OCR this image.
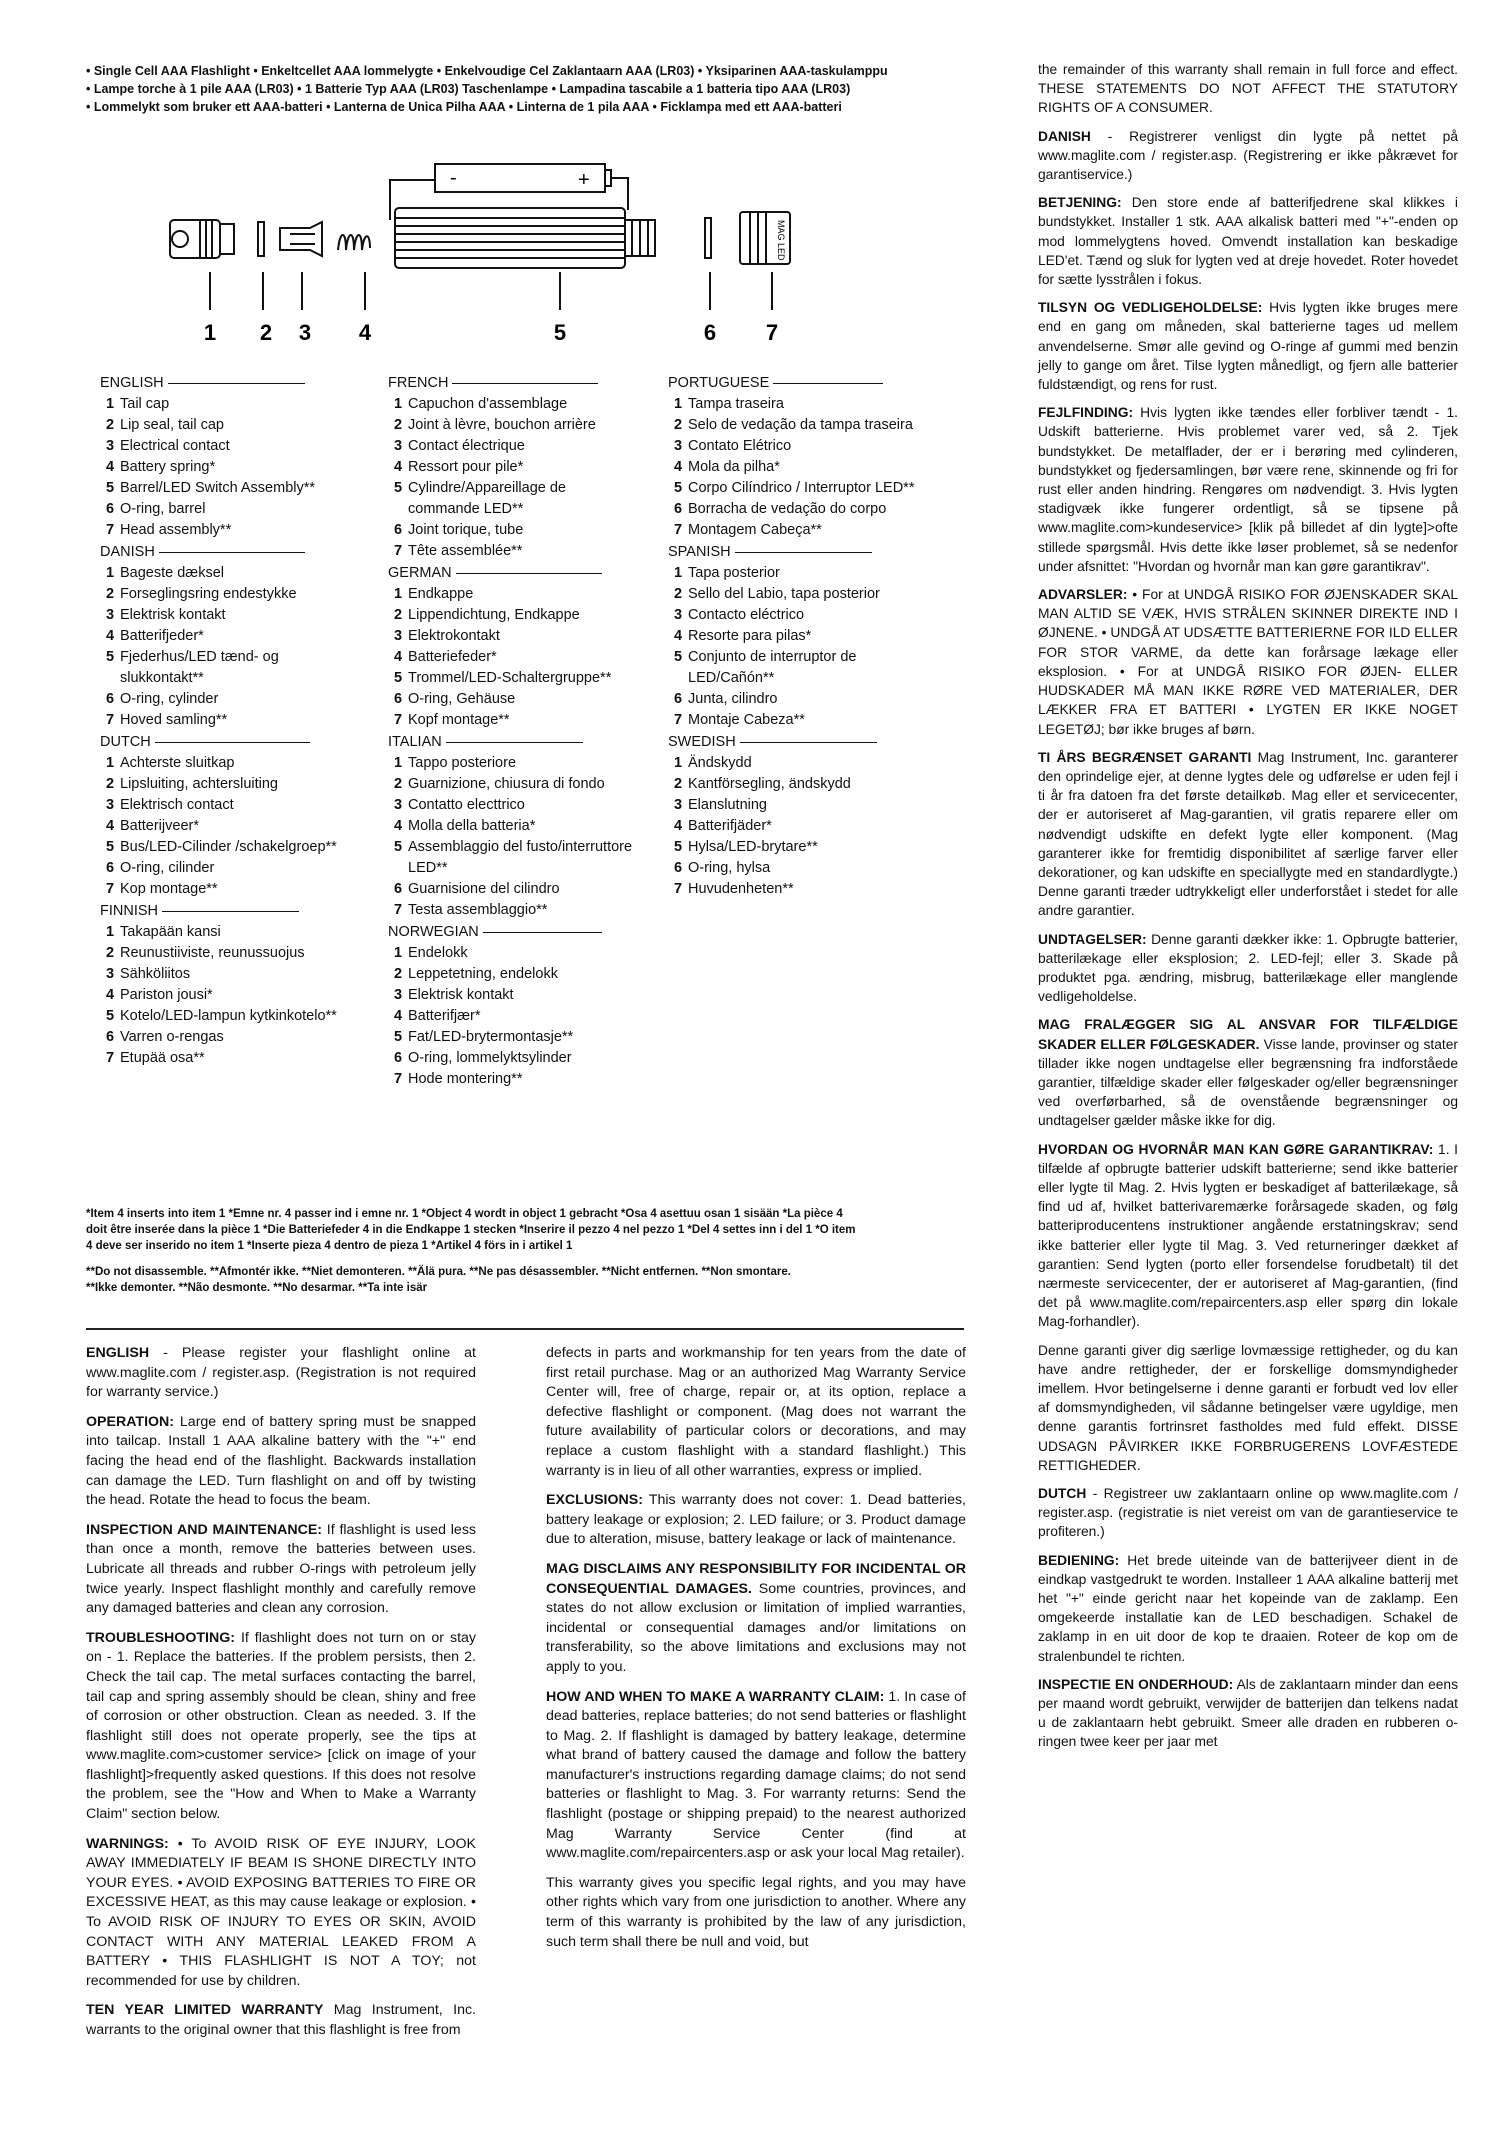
• Single Cell AAA Flashlight • Enkeltcellet AAA lommelygte • Enkelvoudige Cel Zaklantaarn AAA (LR03) • Yksiparinen AAA-taskulamppu
• Lampe torche à 1 pile AAA (LR03) • 1 Batterie Typ AAA (LR03) Taschenlampe • Lampadina tascabile a 1 batteria tipo AAA (LR03)
• Lommelykt som bruker ett AAA-batteri • Lanterna de Unica Pilha AAA • Linterna de 1 pila AAA • Ficklampa med ett AAA-batteri
-	+
MAG LED
1 2 3 4	5	6 7
ENGLISH
1 Tail cap
2 Lip seal, tail cap
3 Electrical contact
4 Battery spring*
5 Barrel/LED Switch Assembly**
6 O-ring, barrel
7 Head assembly**
DANISH
1 Bageste dæksel
2 Forseglingsring endestykke
3 Elektrisk kontakt
4 Batterifjeder*
5 Fjederhus/LED tænd- og slukkontakt**
6 O-ring, cylinder
7 Hoved samling**
DUTCH
1 Achterste sluitkap
2 Lipsluiting, achtersluiting
3 Elektrisch contact
4 Batterijveer*
5 Bus/LED-Cilinder /schakelgroep**
6 O-ring, cilinder
7 Kop montage**
FINNISH
1 Takapään kansi
2 Reunustiiviste, reunussuojus
3 Sähköliitos
4 Pariston jousi*
5 Kotelo/LED-lampun kytkinkotelo**
6 Varren o-rengas
7 Etupää osa**
FRENCH
1 Capuchon d'assemblage
2 Joint à lèvre, bouchon arrière
3 Contact électrique
4 Ressort pour pile*
5 Cylindre/Appareillage de commande LED**
6 Joint torique, tube
7 Tête assemblée**
GERMAN
1 Endkappe
2 Lippendichtung, Endkappe
3 Elektrokontakt
4 Batteriefeder*
5 Trommel/LED-Schaltergruppe**
6 O-ring, Gehäuse
7 Kopf montage**
ITALIAN
1 Tappo posteriore
2 Guarnizione, chiusura di fondo
3 Contatto electtrico
4 Molla della batteria*
5 Assemblaggio del fusto/interruttore LED**
6 Guarnisione del cilindro
7 Testa assemblaggio**
NORWEGIAN
1 Endelokk
2 Leppetetning, endelokk
3 Elektrisk kontakt
4 Batterifjær*
5 Fat/LED-brytermontasje**
6 O-ring, lommelyktsylinder
7 Hode montering**
PORTUGUESE
1 Tampa traseira
2 Selo de vedação da tampa traseira
3 Contato Elétrico
4 Mola da pilha*
5 Corpo Cilíndrico / Interruptor LED**
6 Borracha de vedação do corpo
7 Montagem Cabeça**
SPANISH
1 Tapa posterior
2 Sello del Labio, tapa posterior
3 Contacto eléctrico
4 Resorte para pilas*
5 Conjunto de interruptor de LED/Cañón**
6 Junta, cilindro
7 Montaje Cabeza**
SWEDISH
1 Ändskydd
2 Kantförsegling, ändskydd
3 Elanslutning
4 Batterifjäder*
5 Hylsa/LED-brytare**
6 O-ring, hylsa
7 Huvudenheten**
*Item 4 inserts into item 1 *Emne nr. 4 passer ind i emne nr. 1 *Object 4 wordt in object 1 gebracht *Osa 4 asettuu osan 1 sisään *La pièce 4
doit être inserée dans la pièce 1 *Die Batteriefeder 4 in die Endkappe 1 stecken *Inserire il pezzo 4 nel pezzo 1 *Del 4 settes inn i del 1 *O item
4 deve ser inserido no item 1 *Inserte pieza 4 dentro de pieza 1 *Artikel 4 förs in i artikel 1
**Do not disassemble. **Afmontér ikke. **Niet demonteren. **Älä pura. **Ne pas désassembler. **Nicht entfernen. **Non smontare.
**Ikke demonter. **Não desmonte. **No desarmar. **Ta inte isär

ENGLISH - Please register your flashlight online at www.maglite.com / register.asp. (Registration is not required for warranty service.)

OPERATION: Large end of battery spring must be snapped into tailcap. Install 1 AAA alkaline battery with the "+" end facing the head end of the flashlight. Backwards installation can damage the LED. Turn flashlight on and off by twisting the head. Rotate the head to focus the beam.

INSPECTION AND MAINTENANCE: If flashlight is used less than once a month, remove the batteries between uses. Lubricate all threads and rubber O-rings with petroleum jelly twice yearly. Inspect flashlight monthly and carefully remove any damaged batteries and clean any corrosion.

TROUBLESHOOTING: If flashlight does not turn on or stay on - 1. Replace the batteries. If the problem persists, then 2. Check the tail cap. The metal surfaces contacting the barrel, tail cap and spring assembly should be clean, shiny and free of corrosion or other obstruction. Clean as needed. 3. If the flashlight still does not operate properly, see the tips at www.maglite.com>customer service> [click on image of your flashlight]>frequently asked questions. If this does not resolve the problem, see the "How and When to Make a Warranty Claim" section below.

WARNINGS: • To AVOID RISK OF EYE INJURY, LOOK AWAY IMMEDIATELY IF BEAM IS SHONE DIRECTLY INTO YOUR EYES. • AVOID EXPOSING BATTERIES TO FIRE OR EXCESSIVE HEAT, as this may cause leakage or explosion. • To AVOID RISK OF INJURY TO EYES OR SKIN, AVOID CONTACT WITH ANY MATERIAL LEAKED FROM A BATTERY • THIS FLASHLIGHT IS NOT A TOY; not recommended for use by children.

TEN YEAR LIMITED WARRANTY Mag Instrument, Inc. warrants to the original owner that this flashlight is free from

defects in parts and workmanship for ten years from the date of first retail purchase. Mag or an authorized Mag Warranty Service Center will, free of charge, repair or, at its option, replace a defective flashlight or component. (Mag does not warrant the future availability of particular colors or decorations, and may replace a custom flashlight with a standard flashlight.) This warranty is in lieu of all other warranties, express or implied.

EXCLUSIONS: This warranty does not cover: 1. Dead batteries, battery leakage or explosion; 2. LED failure; or 3. Product damage due to alteration, misuse, battery leakage or lack of maintenance.

MAG DISCLAIMS ANY RESPONSIBILITY FOR INCIDENTAL OR CONSEQUENTIAL DAMAGES. Some countries, provinces, and states do not allow exclusion or limitation of implied warranties, incidental or consequential damages and/or limitations on transferability, so the above limitations and exclusions may not apply to you.

HOW AND WHEN TO MAKE A WARRANTY CLAIM: 1. In case of dead batteries, replace batteries; do not send batteries or flashlight to Mag. 2. If flashlight is damaged by battery leakage, determine what brand of battery caused the damage and follow the battery manufacturer's instructions regarding damage claims; do not send batteries or flashlight to Mag. 3. For warranty returns: Send the flashlight (postage or shipping prepaid) to the nearest authorized Mag Warranty Service Center (find at www.maglite.com/repaircenters.asp or ask your local Mag retailer).

This warranty gives you specific legal rights, and you may have other rights which vary from one jurisdiction to another. Where any term of this warranty is prohibited by the law of any jurisdiction, such term shall there be null and void, but

the remainder of this warranty shall remain in full force and effect. THESE STATEMENTS DO NOT AFFECT THE STATUTORY RIGHTS OF A CONSUMER.

DANISH - Registrerer venligst din lygte på nettet på www.maglite.com / register.asp. (Registrering er ikke påkrævet for garantiservice.)

BETJENING: Den store ende af batterifjedrene skal klikkes i bundstykket. Installer 1 stk. AAA alkalisk batteri med "+"-enden op mod lommelygtens hoved. Omvendt installation kan beskadige LED'et. Tænd og sluk for lygten ved at dreje hovedet. Roter hovedet for sætte lysstrålen i fokus.

TILSYN OG VEDLIGEHOLDELSE: Hvis lygten ikke bruges mere end en gang om måneden, skal batterierne tages ud mellem anvendelserne. Smør alle gevind og O-ringe af gummi med benzin jelly to gange om året. Tilse lygten månedligt, og fjern alle batterier fuldstændigt, og rens for rust.

FEJLFINDING: Hvis lygten ikke tændes eller forbliver tændt - 1. Udskift batterierne. Hvis problemet varer ved, så 2. Tjek bundstykket. De metalflader, der er i berøring med cylinderen, bundstykket og fjedersamlingen, bør være rene, skinnende og fri for rust eller anden hindring. Rengøres om nødvendigt. 3. Hvis lygten stadigvæk ikke fungerer ordentligt, så se tipsene på www.maglite.com>kundeservice> [klik på billedet af din lygte]>ofte stillede spørgsmål. Hvis dette ikke løser problemet, så se nedenfor under afsnittet: "Hvordan og hvornår man kan gøre garantikrav".

ADVARSLER: • For at UNDGÅ RISIKO FOR ØJENSKADER SKAL MAN ALTID SE VÆK, HVIS STRÅLEN SKINNER DIREKTE IND I ØJNENE. • UNDGÅ AT UDSÆTTE BATTERIERNE FOR ILD ELLER FOR STOR VARME, da dette kan forårsage lækage eller eksplosion. • For at UNDGÅ RISIKO FOR ØJEN- ELLER HUDSKADER MÅ MAN IKKE RØRE VED MATERIALER, DER LÆKKER FRA ET BATTERI • LYGTEN ER IKKE NOGET LEGETØJ; bør ikke bruges af børn.

TI ÅRS BEGRÆNSET GARANTI Mag Instrument, Inc. garanterer den oprindelige ejer, at denne lygtes dele og udførelse er uden fejl i ti år fra datoen fra det første detailkøb. Mag eller et servicecenter, der er autoriseret af Mag-garantien, vil gratis reparere eller om nødvendigt udskifte en defekt lygte eller komponent. (Mag garanterer ikke for fremtidig disponibilitet af særlige farver eller dekorationer, og kan udskifte en speciallygte med en standardlygte.) Denne garanti træder udtrykkeligt eller underforstået i stedet for alle andre garantier.

UNDTAGELSER: Denne garanti dækker ikke: 1. Opbrugte batterier, batterilækage eller eksplosion; 2. LED-fejl; eller 3. Skade på produktet pga. ændring, misbrug, batterilækage eller manglende vedligeholdelse.

MAG FRALÆGGER SIG AL ANSVAR FOR TILFÆLDIGE SKADER ELLER FØLGESKADER. Visse lande, provinser og stater tillader ikke nogen undtagelse eller begrænsning fra indforståede garantier, tilfældige skader eller følgeskader og/eller begrænsninger ved overførbarhed, så de ovenstående begrænsninger og undtagelser gælder måske ikke for dig.

HVORDAN OG HVORNÅR MAN KAN GØRE GARANTIKRAV: 1. I tilfælde af opbrugte batterier udskift batterierne; send ikke batterier eller lygte til Mag. 2. Hvis lygten er beskadiget af batterilækage, så find ud af, hvilket batterivaremærke forårsagede skaden, og følg batteriproducentens instruktioner angående erstatningskrav; send ikke batterier eller lygte til Mag. 3. Ved returneringer dækket af garantien: Send lygten (porto eller forsendelse forudbetalt) til det nærmeste servicecenter, der er autoriseret af Mag-garantien, (find det på www.maglite.com/repaircenters.asp eller spørg din lokale Mag-forhandler).

Denne garanti giver dig særlige lovmæssige rettigheder, og du kan have andre rettigheder, der er forskellige domsmyndigheder imellem. Hvor betingelserne i denne garanti er forbudt ved lov eller af domsmyndigheden, vil sådanne betingelser være ugyldige, men denne garantis fortrinsret fastholdes med fuld effekt. DISSE UDSAGN PÅVIRKER IKKE FORBRUGERENS LOVFÆSTEDE RETTIGHEDER.

DUTCH - Registreer uw zaklantaarn online op www.maglite.com / register.asp. (registratie is niet vereist om van de garantieservice te profiteren.)

BEDIENING: Het brede uiteinde van de batterijveer dient in de eindkap vastgedrukt te worden. Installeer 1 AAA alkaline batterij met het "+" einde gericht naar het kopeinde van de zaklamp. Een omgekeerde installatie kan de LED beschadigen. Schakel de zaklamp in en uit door de kop te draaien. Roteer de kop om de stralenbundel te richten.

INSPECTIE EN ONDERHOUD: Als de zaklantaarn minder dan eens per maand wordt gebruikt, verwijder de batterijen dan telkens nadat u de zaklantaarn hebt gebruikt. Smeer alle draden en rubberen o-ringen twee keer per jaar met
